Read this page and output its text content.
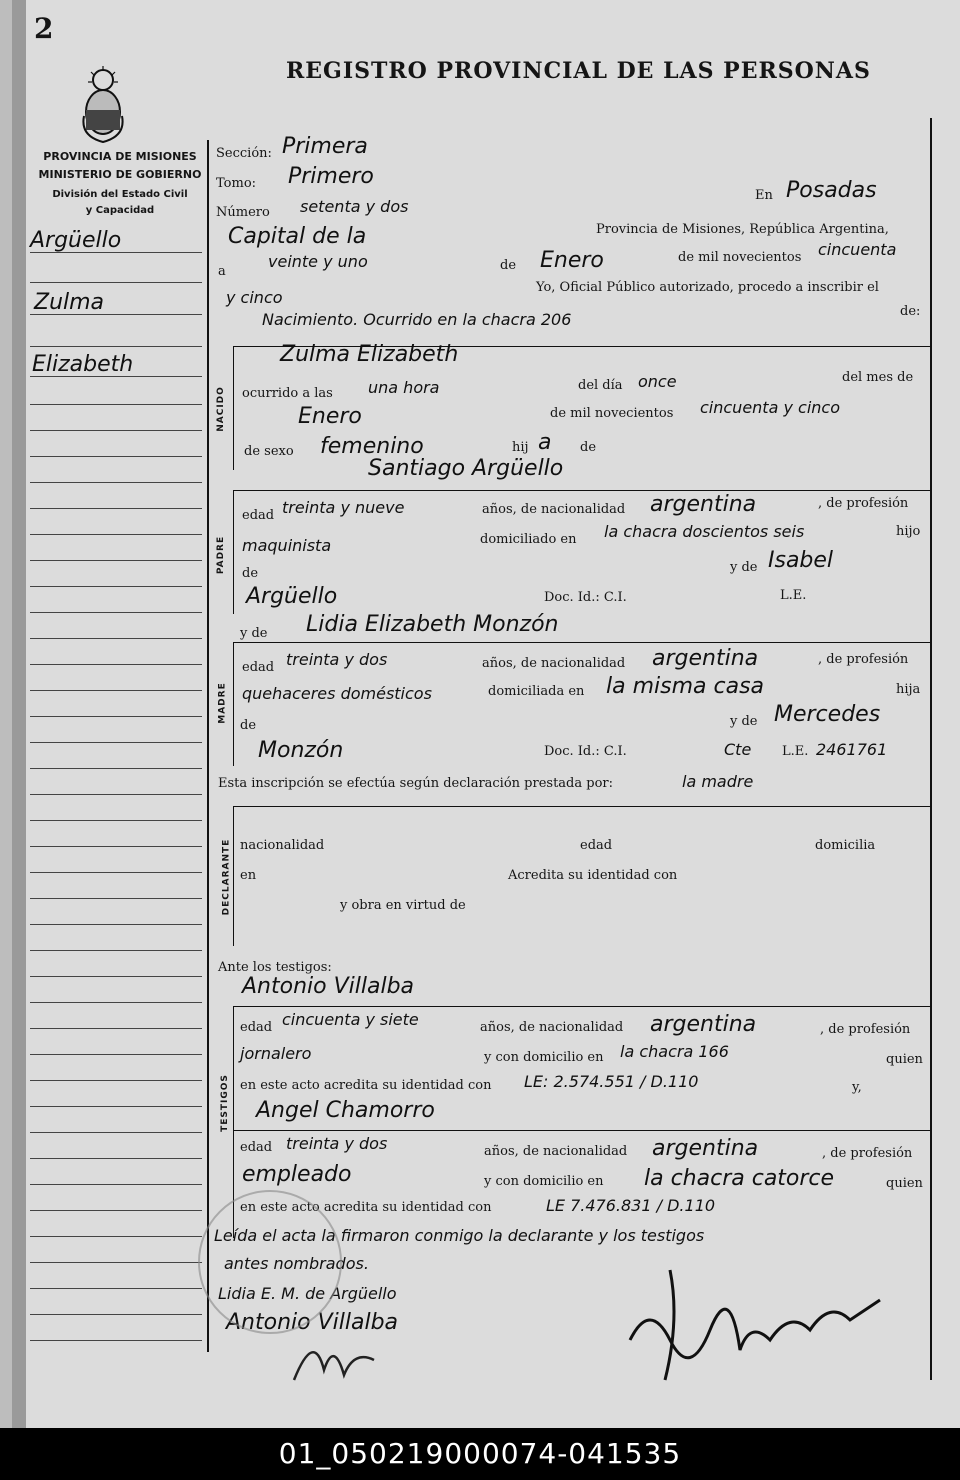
2
REGISTRO PROVINCIAL DE LAS PERSONAS
PROVINCIA DE MISIONES
MINISTERIO DE GOBIERNO
División del Estado Civil
y Capacidad
Argüello
Zulma
Elizabeth
Sección: Primera
Tomo: Primero
Número setenta y dos
En Posadas
Capital de la	Provincia de Misiones, República Argentina,
a
veinte y uno	de Enero	de mil novecientos cincuenta
y cinco
Yo, Oficial Público autorizado, procedo a inscribir el
Nacimiento. Ocurrido en la chacra 206	de:
NACIDO
Zulma Elizabeth
ocurrido a las una hora	del día once	del mes de
Enero	de mil novecientos cincuenta y cinco
de sexo femenino	hij a de
Santiago Argüello
PADRE
edad treinta y nueve	años, de nacionalidad argentina	, de profesión
maquinista	domiciliado en la chacra doscientos seis	hijo
de	y de Isabel
Argüello	Doc. Id.: C.I.	L.E.
y de Lidia Elizabeth Monzón
MADRE
edad treinta y dos	años, de nacionalidad argentina	, de profesión
quehaceres domésticos	domiciliada en la misma casa	hija
de	y de Mercedes
Monzón	Doc. Id.: C.I.	Cte L.E. 2461761
Esta inscripción se efectúa según declaración prestada por:	la madre
DECLARANTE nacionalidad	edad	domicilia
en	Acredita su identidad con
y obra en virtud de
Ante los testigos:
Antonio Villalba
TESTIGOS
edad cincuenta y siete	años, de nacionalidad argentina	, de profesión
jornalero	y con domicilio en la chacra 166	quien
en este acto acredita su identidad con LE: 2.574.551 / D.110	y,
Angel Chamorro
edad treinta y dos	años, de nacionalidad argentina	, de profesión
empleado	y con domicilio en la chacra catorce	quien
en este acto acredita su identidad con	LE 7.476.831 / D.110
Leída el acta la firmaron conmigo la declarante y los testigos
antes nombrados.
Lidia E. M. de Argüello
Antonio Villalba
01_050219000074-041535
